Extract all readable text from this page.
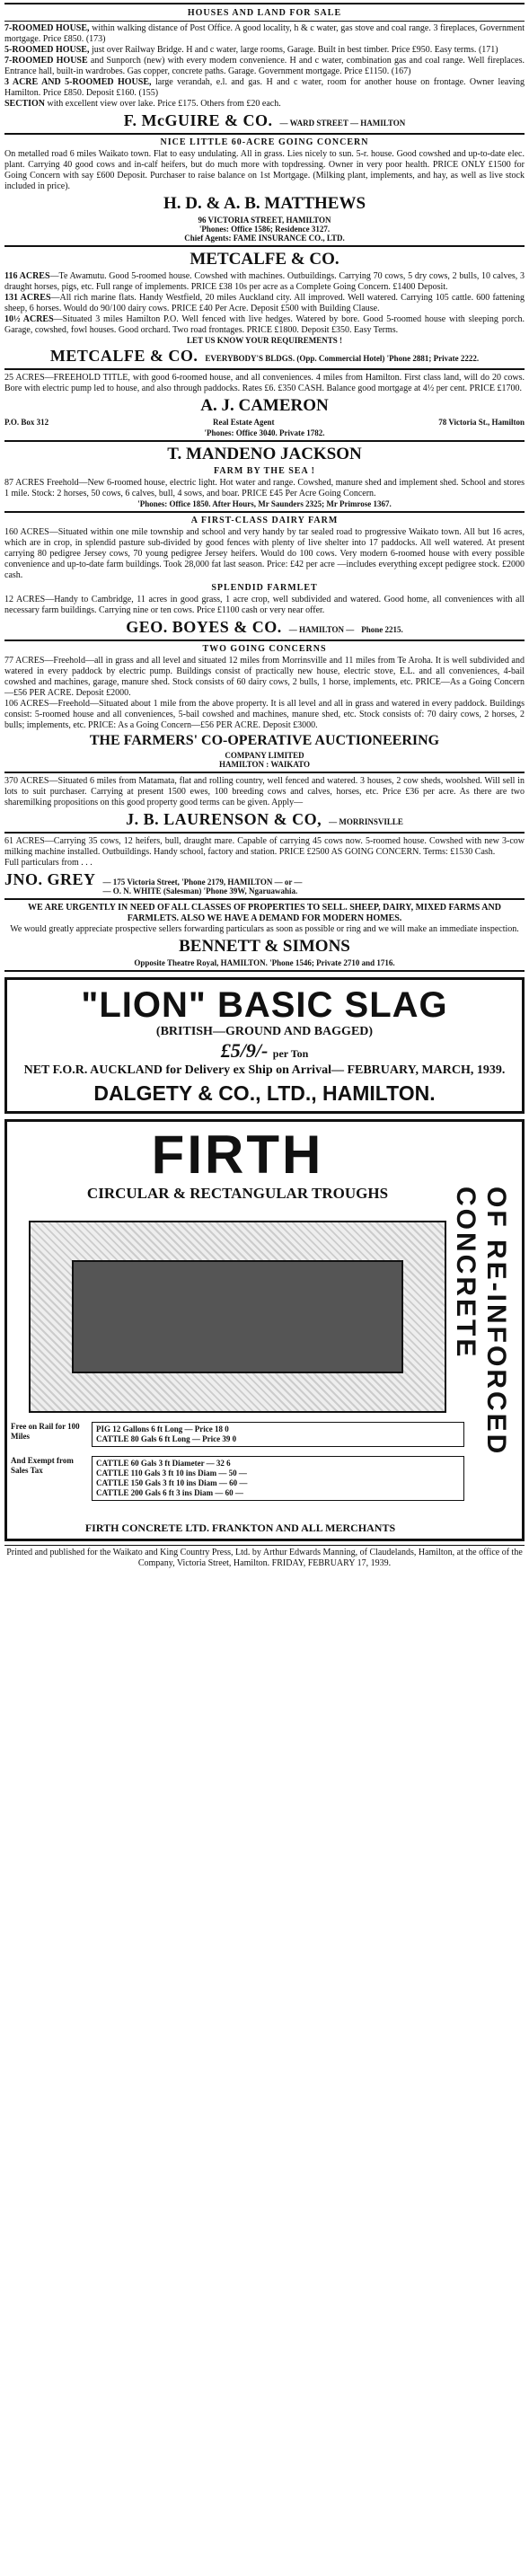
HOUSES AND LAND FOR SALE

7-ROOMED HOUSE, within walking distance of Post Office. A good locality, h & c water, gas stove and coal range. 3 fireplaces, Government mortgage. Price £850. (173)

5-ROOMED HOUSE, just over Railway Bridge. H and c water, large rooms, Garage. Built in best timber. Price £950. Easy terms. (171)

7-ROOMED HOUSE and Sunporch (new) with every modern convenience. H and c water, combination gas and coal range. Well fireplaces. Entrance hall, built-in wardrobes. Gas copper, concrete paths. Garage. Government mortgage. Price £1150. (167)

3 ACRE AND 5-ROOMED HOUSE, large verandah, e.l. and gas. H and c water, room for another house on frontage. Owner leaving Hamilton. Price £850. Deposit £160. (155)

SECTION with excellent view over lake. Price £175. Others from £20 each.

F. McGUIRE & CO. — WARD STREET — HAMILTON
NICE LITTLE 60-ACRE GOING CONCERN

On metalled road 6 miles Waikato town. Flat to easy undulating. All in grass. Lies nicely to sun. 5-r. house. Good cowshed and up-to-date elec. plant. Carrying 40 good cows and in-calf heifers, but do much more with topdressing. Owner in very poor health. PRICE ONLY £1500 for Going Concern with say £600 Deposit. Purchaser to raise balance on 1st Mortgage. (Milking plant, implements, and hay, as well as live stock included in price).

H. D. & A. B. MATTHEWS
96 VICTORIA STREET, HAMILTON
'Phones: Office 1586; Residence 3127.
Chief Agents: FAME INSURANCE CO., LTD.
METCALFE & CO.

116 ACRES—Te Awamutu. Good 5-roomed house. Cowshed with machines. Outbuildings. Carrying 70 cows, 5 dry cows, 2 bulls, 10 calves, 3 draught horses, pigs, etc. Full range of implements. PRICE £38 10s per acre as a Complete Going Concern. £1400 Deposit.

131 ACRES—All rich marine flats. Handy Westfield, 20 miles Auckland city. All improved. Well watered. Carrying 105 cattle. 600 fattening sheep, 6 horses. Would do 90/100 dairy cows. PRICE £40 Per Acre. Deposit £500 with Building Clause.

10½ ACRES—Situated 3 miles Hamilton P.O. Well fenced with live hedges. Watered by bore. Good 5-roomed house with sleeping porch. Garage, cowshed, fowl houses. Good orchard. Two road frontages. PRICE £1800. Deposit £350. Easy Terms.

LET US KNOW YOUR REQUIREMENTS !
METCALFE & CO. EVERYBODY'S BLDGS. (Opp. Commercial Hotel) 'Phone 2881; Private 2222.

25 ACRES—FREEHOLD TITLE, with good 6-roomed house, and all conveniences. 4 miles from Hamilton. First class land, will do 20 cows. Bore with electric pump led to house, and also through paddocks. Rates £6. £350 CASH. Balance good mortgage at 4½ per cent. PRICE £1700.

A. J. CAMERON
P.O. Box 312	Real Estate Agent	78 Victoria St., Hamilton
'Phones: Office 3040. Private 1782.
T. MANDENO JACKSON
FARM BY THE SEA !

87 ACRES Freehold—New 6-roomed house, electric light. Hot water and range. Cowshed, manure shed and implement shed. School and stores 1 mile. Stock: 2 horses, 50 cows, 6 calves, bull, 4 sows, and boar. PRICE £45 Per Acre Going Concern.

'Phones: Office 1850. After Hours, Mr Saunders 2325; Mr Primrose 1367.
A FIRST-CLASS DAIRY FARM

160 ACRES—Situated within one mile township and school and very handy by tar sealed road to progressive Waikato town. All but 16 acres, which are in crop, in splendid pasture sub-divided by good fences with plenty of live shelter into 17 paddocks. All well watered. At present carrying 80 pedigree Jersey cows, 70 young pedigree Jersey heifers. Would do 100 cows. Very modern 6-roomed house with every possible convenience and up-to-date farm buildings. Took 28,000 fat last season. Price: £42 per acre —includes everything except pedigree stock. £2000 cash.

SPLENDID FARMLET

12 ACRES—Handy to Cambridge, 11 acres in good grass, 1 acre crop, well subdivided and watered. Good home, all conveniences with all necessary farm buildings. Carrying nine or ten cows. Price £1100 cash or very near offer.

GEO. BOYES & CO. — HAMILTON — Phone 2215.
TWO GOING CONCERNS

77 ACRES—Freehold—all in grass and all level and situated 12 miles from Morrinsville and 11 miles from Te Aroha. It is well subdivided and watered in every paddock by electric pump. Buildings consist of practically new house, electric stove, E.L. and all conveniences, 4-bail cowshed and machines, garage, manure shed. Stock consists of 60 dairy cows, 2 bulls, 1 horse, implements, etc. PRICE—As a Going Concern—£56 PER ACRE. Deposit £2000.

106 ACRES—Freehold—Situated about 1 mile from the above property. It is all level and all in grass and watered in every paddock. Buildings consist: 5-roomed house and all conveniences, 5-bail cowshed and machines, manure shed, etc. Stock consists of: 70 dairy cows, 2 horses, 2 bulls; implements, etc. PRICE: As a Going Concern—£56 PER ACRE. Deposit £3000.

THE FARMERS' CO-OPERATIVE AUCTIONEERING
COMPANY LIMITED
HAMILTON : WAIKATO

370 ACRES—Situated 6 miles from Matamata, flat and rolling country, well fenced and watered. 3 houses, 2 cow sheds, woolshed. Will sell in lots to suit purchaser. Carrying at present 1500 ewes, 100 breeding cows and calves, horses, etc. Price £36 per acre. As there are two sharemilking propositions on this good property good terms can be given. Apply—

J. B. LAURENSON & CO, — MORRINSVILLE

61 ACRES—Carrying 35 cows, 12 heifers, bull, draught mare. Capable of carrying 45 cows now. 5-roomed house. Cowshed with new 3-cow milking machine installed. Outbuildings. Handy school, factory and station. PRICE £2500 AS GOING CONCERN. Terms: £1530 Cash.

Full particulars from . . .
JNO. GREY — 175 Victoria Street, 'Phone 2179, HAMILTON — or —
— O. N. WHITE (Salesman) 'Phone 39W, Ngaruawahia.

WE ARE URGENTLY IN NEED OF ALL CLASSES OF PROPERTIES TO SELL. SHEEP, DAIRY, MIXED FARMS AND FARMLETS. ALSO WE HAVE A DEMAND FOR MODERN HOMES.

We would greatly appreciate prospective sellers forwarding particulars as soon as possible or ring and we will make an immediate inspection.

BENNETT & SIMONS
Opposite Theatre Royal, HAMILTON. 'Phone 1546; Private 2710 and 1716.
"LION" BASIC SLAG
(BRITISH—GROUND AND BAGGED)
£5/9/- per Ton
NET F.O.R. AUCKLAND for Delivery ex Ship on Arrival— FEBRUARY, MARCH, 1939.
DALGETY & CO., LTD., HAMILTON.
FIRTH
CIRCULAR & RECTANGULAR TROUGHS	OF RE-INFORCED CONCRETE
Free on Rail for 100 Miles
PIG 12 Gallons 6 ft Long — Price 18 0
CATTLE 80 Gals 6 ft Long — Price 39 0
And Exempt from Sales Tax
CATTLE 60 Gals 3 ft Diameter — 32 6
CATTLE 110 Gals 3 ft 10 ins Diam — 50 —
CATTLE 150 Gals 3 ft 10 ins Diam — 60 —
CATTLE 200 Gals 6 ft 3 ins Diam — 60 —
FIRTH CONCRETE LTD. FRANKTON AND ALL MERCHANTS
Printed and published for the Waikato and King Country Press, Ltd. by Arthur Edwards Manning, of Claudelands, Hamilton, at the office of the Company, Victoria Street, Hamilton. FRIDAY, FEBRUARY 17, 1939.
